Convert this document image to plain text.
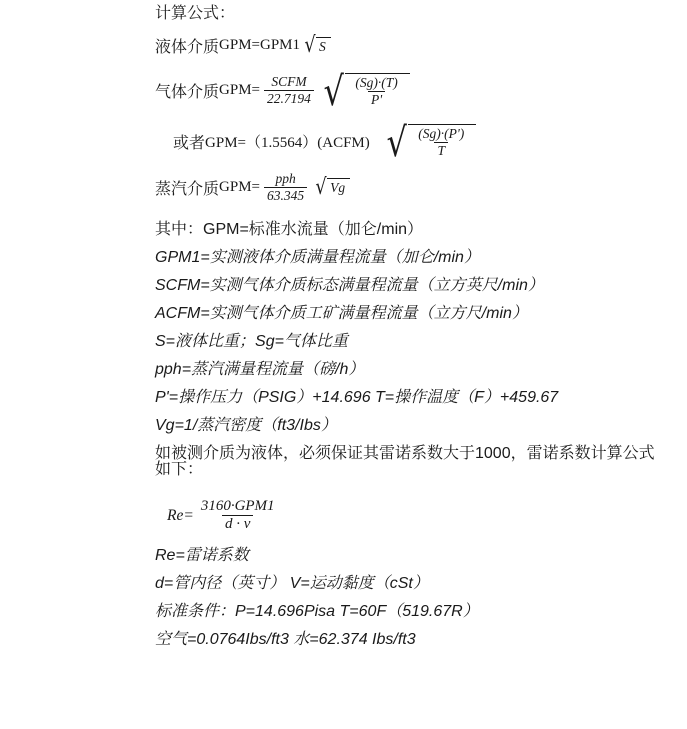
计算公式：
液体介质 GPM=GPM1 √ S
气体介质 $GPM= \frac{\text{SCFM}}{22.7194}$ √ $\frac{(Sg)\cdot(T)}{P'}$
或者 GPM=（1.5564）(ACFM) √ $\frac{(Sg)\cdot(P')}{T}$
蒸汽介质 $GPM= \frac{\text{pph}}{63.345}$ √ Vg
其中：GPM=标准水流量（加仑/min）
GPM1=实测液体介质满量程流量（加仑/min）
SCFM=实测气体介质标态满量程流量（立方英尺/min）
ACFM=实测气体介质工矿满量程流量（立方尺/min）
S=液体比重；Sg=气体比重
pph=蒸汽满量程流量（磅/h）
P'=操作压力（PSIG）+14.696 T=操作温度（F）+459.67
Vg=1/蒸汽密度（ft3/Ibs）
如被测介质为液体，必须保证其雷诺系数大于1000，雷诺系数计算公式如下：
$Re= \frac{\text{3160·GPM1}}{d \cdot v}$
Re=雷诺系数
d=管内径（英寸） V=运动黏度（cSt）
标准条件：P=14.696Pisa T=60F（519.67R）
空气=0.0764Ibs/ft3 水=62.374 Ibs/ft3
